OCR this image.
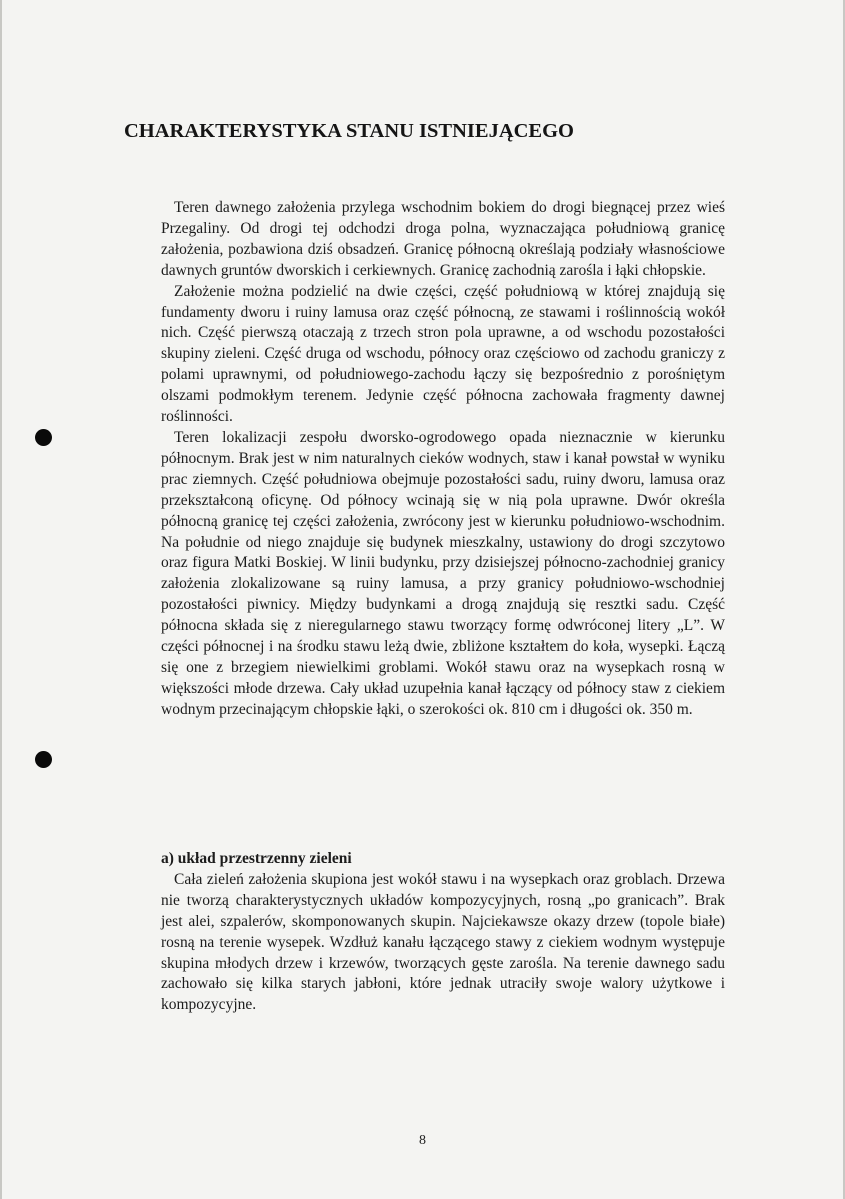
CHARAKTERYSTYKA STANU ISTNIEJĄCEGO

Teren dawnego założenia przylega wschodnim bokiem do drogi biegnącej przez wieś Przegaliny. Od drogi tej odchodzi droga polna, wyznaczająca południową granicę założenia, pozbawiona dziś obsadzeń. Granicę północną określają podziały własnościowe dawnych gruntów dworskich i cerkiewnych. Granicę zachodnią zarośla i łąki chłopskie.

Założenie można podzielić na dwie części, część południową w której znajdują się fundamenty dworu i ruiny lamusa oraz część północną, ze stawami i roślinnością wokół nich. Część pierwszą otaczają z trzech stron pola uprawne, a od wschodu pozostałości skupiny zieleni. Część druga od wschodu, północy oraz częściowo od zachodu graniczy z polami uprawnymi, od południowego-zachodu łączy się bezpośrednio z porośniętym olszami podmokłym terenem. Jedynie część północna zachowała fragmenty dawnej roślinności.

Teren lokalizacji zespołu dworsko-ogrodowego opada nieznacznie w kierunku północnym. Brak jest w nim naturalnych cieków wodnych, staw i kanał powstał w wyniku prac ziemnych. Część południowa obejmuje pozostałości sadu, ruiny dworu, lamusa oraz przekształconą oficynę. Od północy wcinają się w nią pola uprawne. Dwór określa północną granicę tej części założenia, zwrócony jest w kierunku południowo-wschodnim. Na południe od niego znajduje się budynek mieszkalny, ustawiony do drogi szczytowo oraz figura Matki Boskiej. W linii budynku, przy dzisiejszej północno-zachodniej granicy założenia zlokalizowane są ruiny lamusa, a przy granicy południowo-wschodniej pozostałości piwnicy. Między budynkami a drogą znajdują się resztki sadu. Część północna składa się z nieregularnego stawu tworzący formę odwróconej litery „L”. W części północnej i na środku stawu leżą dwie, zbliżone kształtem do koła, wysepki. Łączą się one z brzegiem niewielkimi groblami. Wokół stawu oraz na wysepkach rosną w większości młode drzewa. Cały układ uzupełnia kanał łączący od północy staw z ciekiem wodnym przecinającym chłopskie łąki, o szerokości ok. 810 cm i długości ok. 350 m.

a) układ przestrzenny zieleni

Cała zieleń założenia skupiona jest wokół stawu i na wysepkach oraz groblach. Drzewa nie tworzą charakterystycznych układów kompozycyjnych, rosną „po granicach”. Brak jest alei, szpalerów, skomponowanych skupin. Najciekawsze okazy drzew (topole białe) rosną na terenie wysepek. Wzdłuż kanału łączącego stawy z ciekiem wodnym występuje skupina młodych drzew i krzewów, tworzących gęste zarośla. Na terenie dawnego sadu zachowało się kilka starych jabłoni, które jednak utraciły swoje walory użytkowe i kompozycyjne.

8
